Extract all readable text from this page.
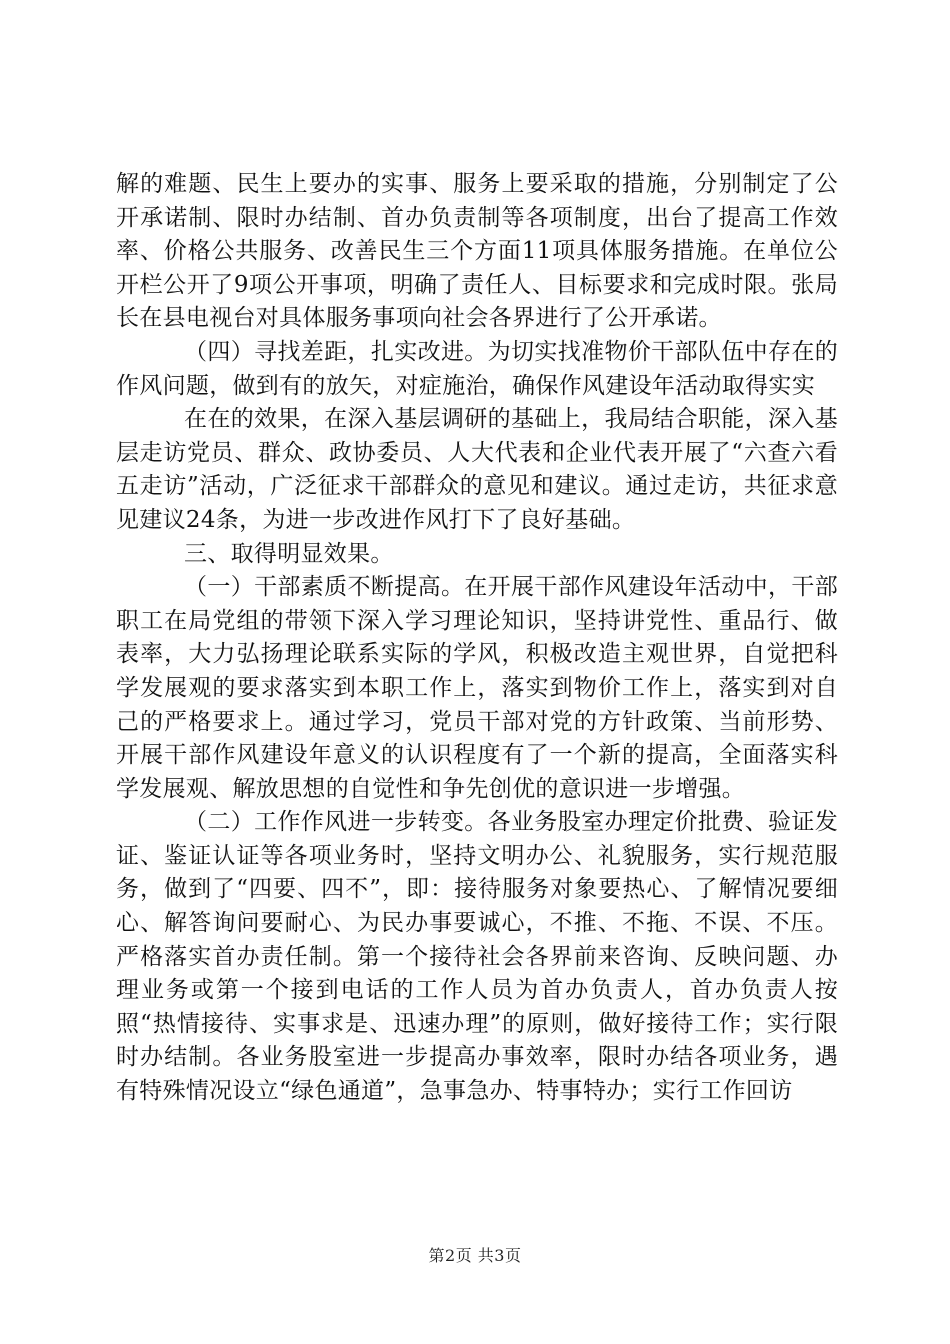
解的难题、民生上要办的实事、服务上要采取的措施，分别制定了公开承诺制、限时办结制、首办负责制等各项制度，出台了提高工作效率、价格公共服务、改善民生三个方面11项具体服务措施。在单位公开栏公开了9项公开事项，明确了责任人、目标要求和完成时限。张局长在县电视台对具体服务事项向社会各界进行了公开承诺。

（四）寻找差距，扎实改进。为切实找准物价干部队伍中存在的作风问题，做到有的放矢，对症施治，确保作风建设年活动取得实实

在在的效果，在深入基层调研的基础上，我局结合职能，深入基层走访党员、群众、政协委员、人大代表和企业代表开展了“六查六看五走访”活动，广泛征求干部群众的意见和建议。通过走访，共征求意见建议24条，为进一步改进作风打下了良好基础。

三、取得明显效果。

（一）干部素质不断提高。在开展干部作风建设年活动中，干部职工在局党组的带领下深入学习理论知识，坚持讲党性、重品行、做表率，大力弘扬理论联系实际的学风，积极改造主观世界，自觉把科学发展观的要求落实到本职工作上，落实到物价工作上，落实到对自己的严格要求上。通过学习，党员干部对党的方针政策、当前形势、开展干部作风建设年意义的认识程度有了一个新的提高，全面落实科学发展观、解放思想的自觉性和争先创优的意识进一步增强。

（二）工作作风进一步转变。各业务股室办理定价批费、验证发证、鉴证认证等各项业务时，坚持文明办公、礼貌服务，实行规范服务，做到了“四要、四不”，即：接待服务对象要热心、了解情况要细心、解答询问要耐心、为民办事要诚心，不推、不拖、不误、不压。严格落实首办责任制。第一个接待社会各界前来咨询、反映问题、办理业务或第一个接到电话的工作人员为首办负责人，首办负责人按照“热情接待、实事求是、迅速办理”的原则，做好接待工作；实行限时办结制。各业务股室进一步提高办事效率，限时办结各项业务，遇有特殊情况设立“绿色通道”，急事急办、特事特办；实行工作回访

第2页 共3页
